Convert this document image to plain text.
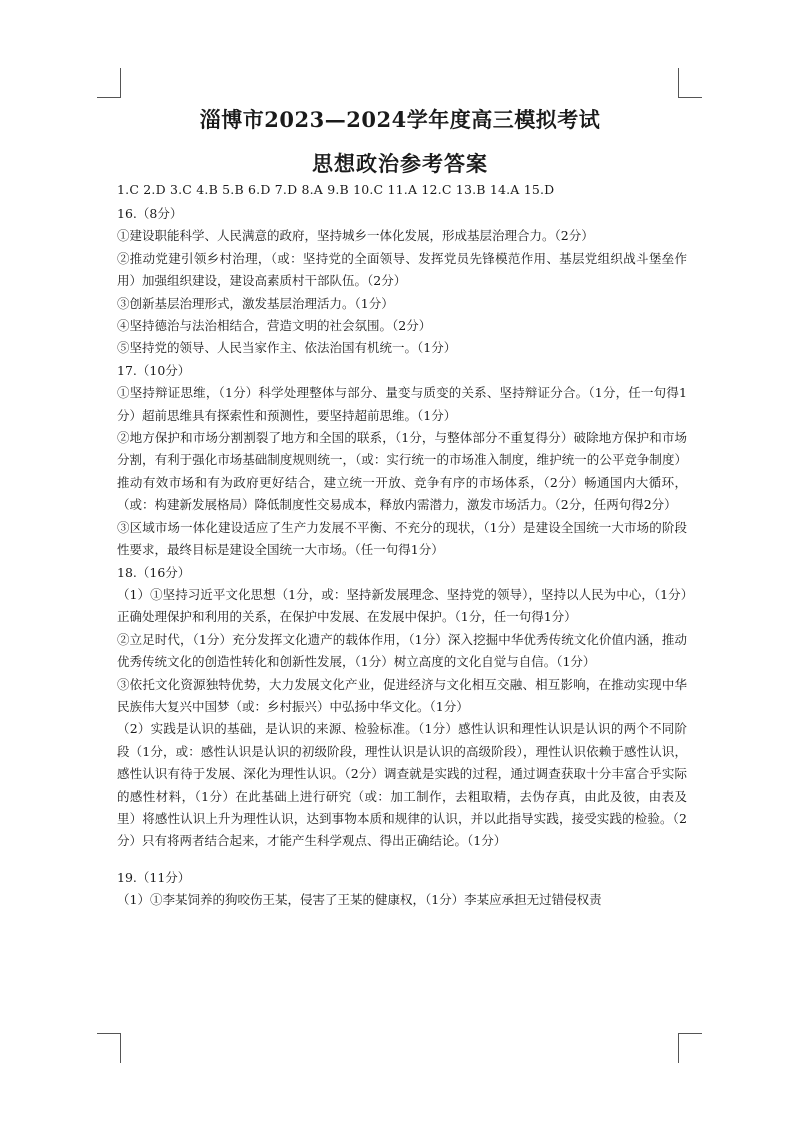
淄博市2023—2024学年度高三模拟考试
思想政治参考答案
1.C 2.D 3.C 4.B 5.B 6.D 7.D 8.A 9.B 10.C 11.A 12.C 13.B 14.A 15.D

16.（8分）

①建设职能科学、人民满意的政府，坚持城乡一体化发展，形成基层治理合力。（2分）

②推动党建引领乡村治理，（或：坚持党的全面领导、发挥党员先锋模范作用、基层党组织战斗堡垒作用）加强组织建设，建设高素质村干部队伍。（2分）

③创新基层治理形式，激发基层治理活力。（1分）

④坚持德治与法治相结合，营造文明的社会氛围。（2分）

⑤坚持党的领导、人民当家作主、依法治国有机统一。（1分）

17.（10分）

①坚持辩证思维，（1分）科学处理整体与部分、量变与质变的关系、坚持辩证分合。（1分，任一句得1分）超前思维具有探索性和预测性，要坚持超前思维。（1分）

②地方保护和市场分割割裂了地方和全国的联系，（1分，与整体部分不重复得分）破除地方保护和市场分割，有利于强化市场基础制度规则统一，（或：实行统一的市场准入制度，维护统一的公平竞争制度）推动有效市场和有为政府更好结合，建立统一开放、竞争有序的市场体系，（2分）畅通国内大循环，（或：构建新发展格局）降低制度性交易成本，释放内需潜力，激发市场活力。（2分，任两句得2分）

③区域市场一体化建设适应了生产力发展不平衡、不充分的现状，（1分）是建设全国统一大市场的阶段性要求，最终目标是建设全国统一大市场。（任一句得1分）

18.（16分）

（1）①坚持习近平文化思想（1分，或：坚持新发展理念、坚持党的领导），坚持以人民为中心，（1分）正确处理保护和利用的关系，在保护中发展、在发展中保护。（1分，任一句得1分）

②立足时代，（1分）充分发挥文化遗产的载体作用，（1分）深入挖掘中华优秀传统文化价值内涵，推动优秀传统文化的创造性转化和创新性发展，（1分）树立高度的文化自觉与自信。（1分）

③依托文化资源独特优势，大力发展文化产业，促进经济与文化相互交融、相互影响，在推动实现中华民族伟大复兴中国梦（或：乡村振兴）中弘扬中华文化。（1分）

（2）实践是认识的基础，是认识的来源、检验标准。（1分）感性认识和理性认识是认识的两个不同阶段（1分，或：感性认识是认识的初级阶段，理性认识是认识的高级阶段），理性认识依赖于感性认识，感性认识有待于发展、深化为理性认识。（2分）调查就是实践的过程，通过调查获取十分丰富合乎实际的感性材料，（1分）在此基础上进行研究（或：加工制作，去粗取精，去伪存真，由此及彼，由表及里）将感性认识上升为理性认识，达到事物本质和规律的认识，并以此指导实践，接受实践的检验。（2分）只有将两者结合起来，才能产生科学观点、得出正确结论。（1分）

19.（11分）

（1）①李某饲养的狗咬伤王某，侵害了王某的健康权，（1分）李某应承担无过错侵权责
